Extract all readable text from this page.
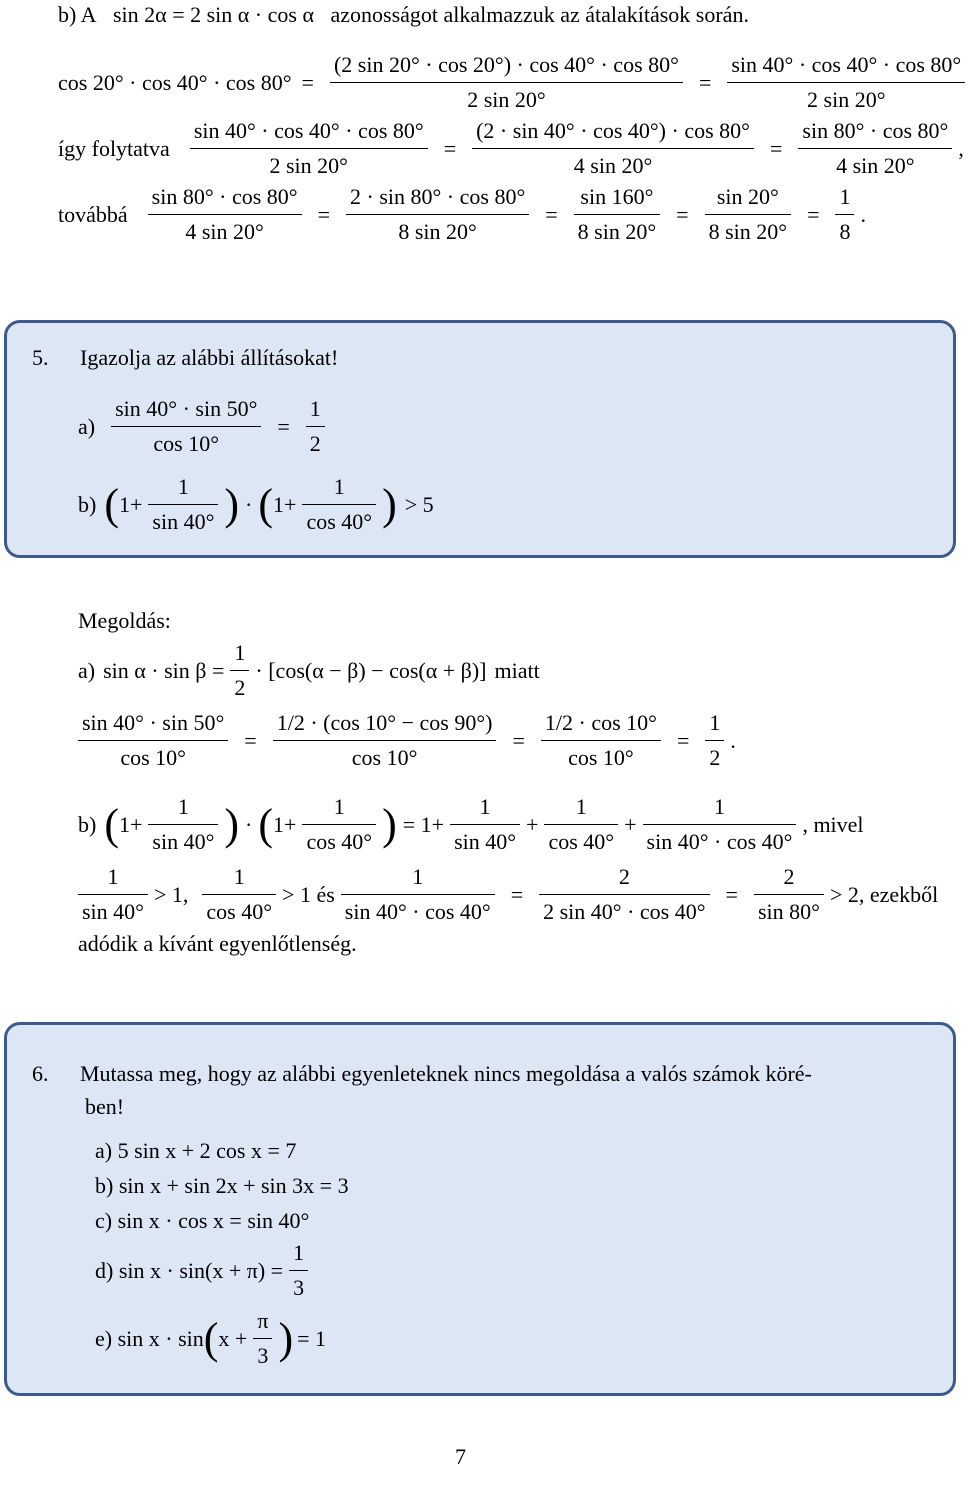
b) A sin 2α = 2 sin α · cos α azonosságot alkalmazzuk az átalakítások során.
$\cos 20^\circ \cdot \cos 40^\circ \cdot \cos 80^\circ = \frac{(2 \sin 20^\circ \cdot \cos 20^\circ) \cdot \cos 40^\circ \cdot \cos 80^\circ}{2 \sin 20^\circ} = \frac{\sin 40^\circ \cdot \cos 40^\circ \cdot \cos 80^\circ}{2 \sin 20^\circ}$
így folytatva $\frac{\sin 40^\circ \cdot \cos 40^\circ \cdot \cos 80^\circ}{2 \sin 20^\circ} = \frac{(2 \cdot \sin 40^\circ \cdot \cos 40^\circ) \cdot \cos 80^\circ}{4 \sin 20^\circ} = \frac{\sin 80^\circ \cdot \cos 80^\circ}{4 \sin 20^\circ}$ ,
továbbá $\frac{\sin 80^\circ \cdot \cos 80^\circ}{4 \sin 20^\circ} = \frac{2 \cdot \sin 80^\circ \cdot \cos 80^\circ}{8 \sin 20^\circ} = \frac{\sin 160^\circ}{8 \sin 20^\circ} = \frac{\sin 20^\circ}{8 \sin 20^\circ} = \frac{1}{8}$ .
5. Igazolja az alábbi állításokat!
$a) \frac{\sin 40^\circ \cdot \sin 50^\circ}{\cos 10^\circ} = \frac{1}{2}$
b) ( $1+ \frac{1}{\sin 40^\circ}$ ) · ( $1+ \frac{1}{\cos 40^\circ}$ ) > 5
Megoldás:
a) $\sin \alpha \cdot \sin \beta = \frac{1}{2} \cdot [\cos(\alpha - \beta) - \cos(\alpha + \beta)]$ miatt
$\frac{\sin 40^\circ \cdot \sin 50^\circ}{\cos 10^\circ} = \frac{1/2 \cdot (\cos 10^\circ - \cos 90^\circ)}{\cos 10^\circ} = \frac{1/2 \cdot \cos 10^\circ}{\cos 10^\circ} = \frac{1}{2}$ .
b) ( $1+ \frac{1}{\sin 40^\circ}$ ) · ( $1+ \frac{1}{\cos 40^\circ}$ ) = $1+ \frac{1}{\sin 40^\circ} + \frac{1}{\cos 40^\circ} + \frac{1}{\sin 40^\circ \cdot \cos 40^\circ}$ , mivel
$\frac{1}{\sin 40^\circ} > 1$, $\frac{1}{\cos 40^\circ} > 1$ és $\frac{1}{\sin 40^\circ \cdot \cos 40^\circ} = \frac{2}{2 \sin 40^\circ \cdot \cos 40^\circ} = \frac{2}{\sin 80^\circ} > 2$, ezekből
adódik a kívánt egyenlőtlenség.
6. Mutassa meg, hogy az alábbi egyenleteknek nincs megoldása a valós számok köré-
ben!
a) 5 sin x + 2 cos x = 7
b) sin x + sin 2x + sin 3x = 3
c) sin x · cos x = sin 40°
d) $\sin x \cdot \sin(x + \pi) = \frac{1}{3}$
e) sin x · sin ( $x + \frac{\pi}{3}$ ) = 1
7
